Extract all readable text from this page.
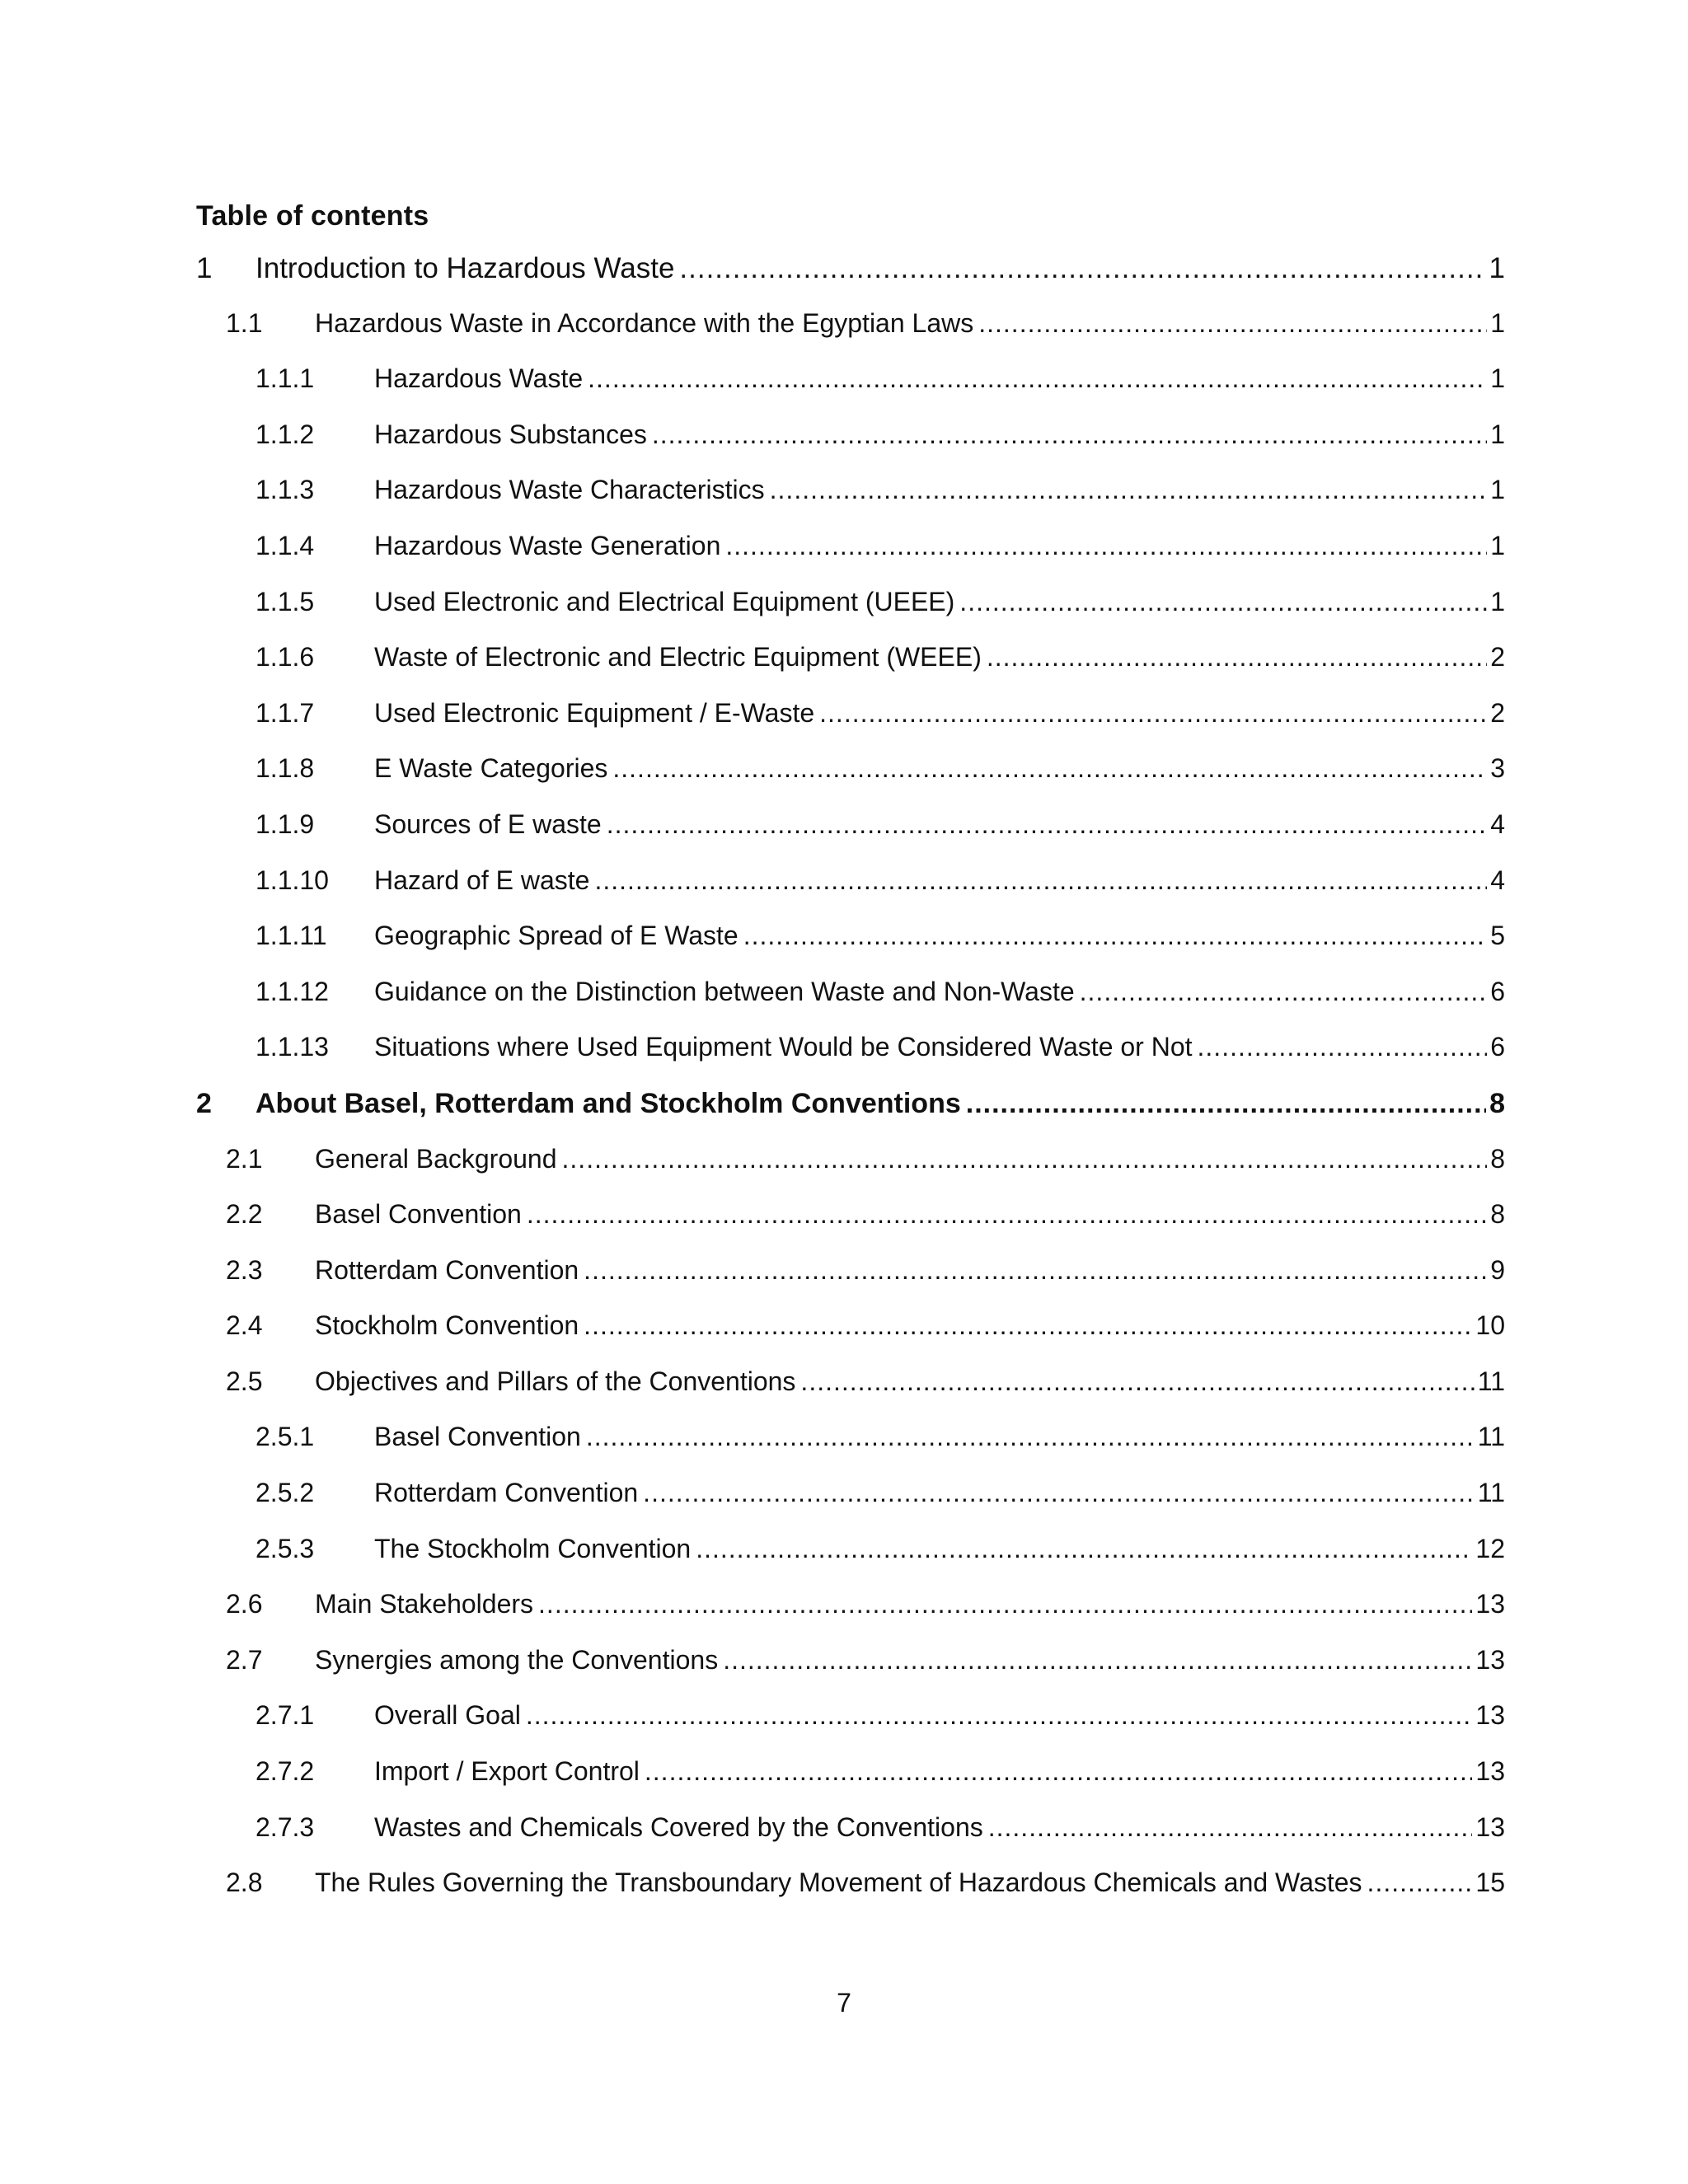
Table of contents
1	Introduction to Hazardous Waste .....	1
1.1	Hazardous Waste in Accordance with the Egyptian Laws .....	1
1.1.1	Hazardous Waste .....	1
1.1.2	Hazardous Substances .....	1
1.1.3	Hazardous Waste Characteristics .....	1
1.1.4	Hazardous Waste Generation .....	1
1.1.5	Used Electronic and Electrical Equipment (UEEE) .....	1
1.1.6	Waste of Electronic and Electric Equipment (WEEE) .....	2
1.1.7	Used Electronic Equipment / E-Waste .....	2
1.1.8	E Waste Categories .....	3
1.1.9	Sources of E waste .....	4
1.1.10	Hazard of E waste .....	4
1.1.11	Geographic Spread of E Waste .....	5
1.1.12	Guidance on the Distinction between Waste and Non-Waste .....	6
1.1.13	Situations where Used Equipment Would be Considered Waste or Not .....	6
2	About Basel, Rotterdam and Stockholm Conventions .....	8
2.1	General Background .....	8
2.2	Basel Convention .....	8
2.3	Rotterdam Convention .....	9
2.4	Stockholm Convention .....	10
2.5	Objectives and Pillars of the Conventions .....	11
2.5.1	Basel Convention .....	11
2.5.2	Rotterdam Convention .....	11
2.5.3	The Stockholm Convention .....	12
2.6	Main Stakeholders .....	13
2.7	Synergies among the Conventions .....	13
2.7.1	Overall Goal .....	13
2.7.2	Import / Export Control .....	13
2.7.3	Wastes and Chemicals Covered by the Conventions .....	13
2.8	The Rules Governing the Transboundary Movement of Hazardous Chemicals and Wastes .....	15
7
